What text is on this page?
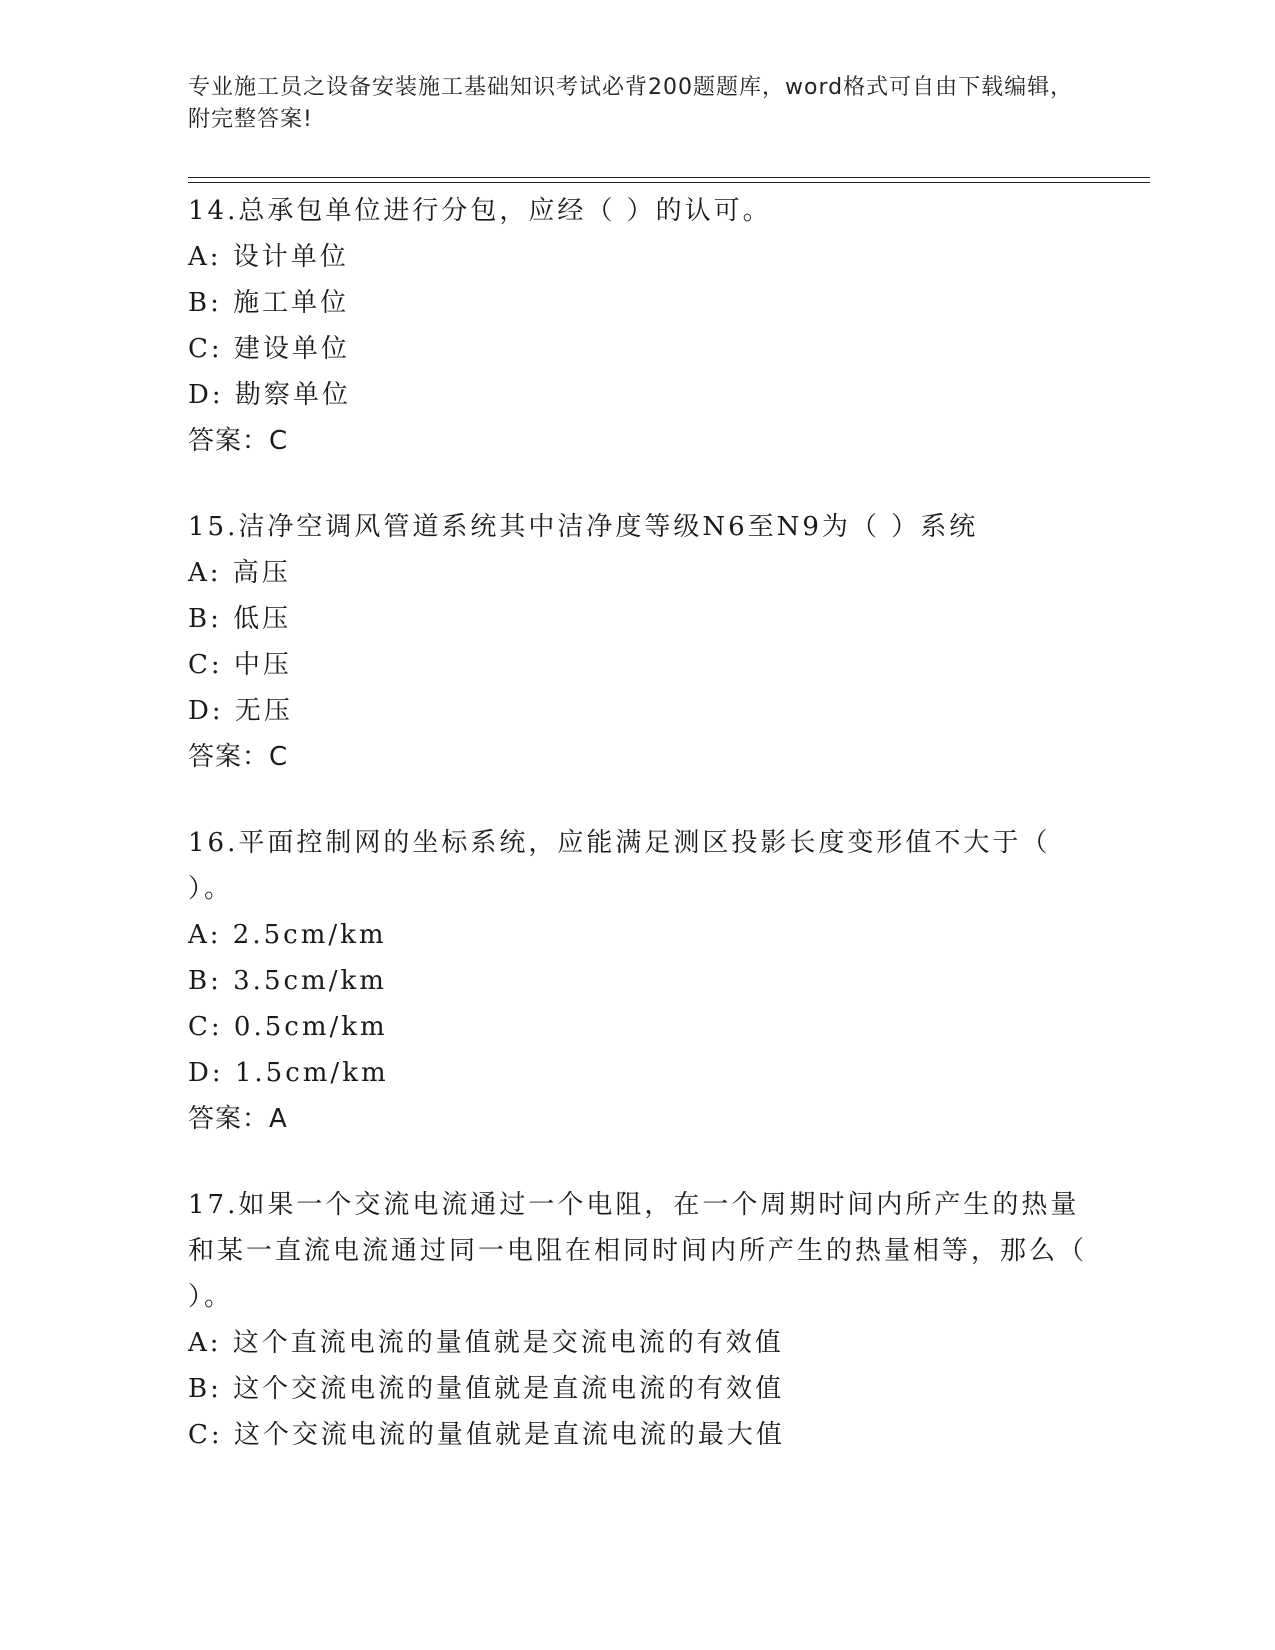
专业施工员之设备安装施工基础知识考试必背200题题库，word格式可自由下载编辑，附完整答案!

14.总承包单位进行分包，应经（ ）的认可。

A: 设计单位

B: 施工单位

C: 建设单位

D: 勘察单位

答案：C

15.洁净空调风管道系统其中洁净度等级N6至N9为（ ）系统

A: 高压

B: 低压

C: 中压

D: 无压

答案：C

16.平面控制网的坐标系统，应能满足测区投影长度变形值不大于（ ）。

A: 2.5cm/km

B: 3.5cm/km

C: 0.5cm/km

D: 1.5cm/km

答案：A

17.如果一个交流电流通过一个电阻，在一个周期时间内所产生的热量和某一直流电流通过同一电阻在相同时间内所产生的热量相等，那么（ ）。

A: 这个直流电流的量值就是交流电流的有效值

B: 这个交流电流的量值就是直流电流的有效值

C: 这个交流电流的量值就是直流电流的最大值
